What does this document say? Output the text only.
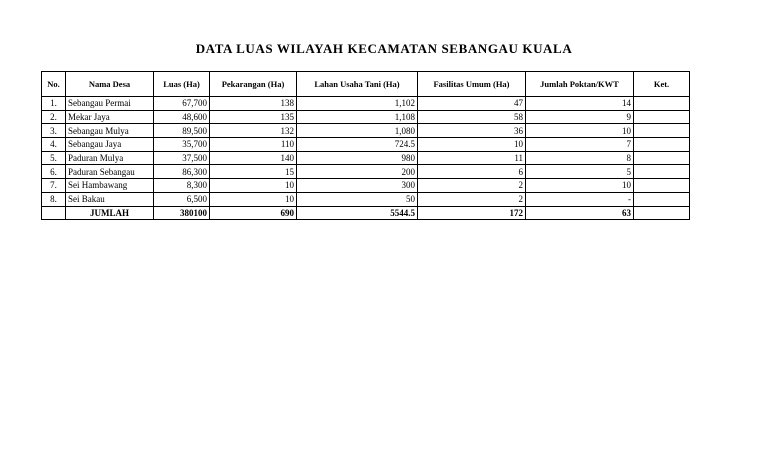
DATA LUAS WILAYAH KECAMATAN SEBANGAU KUALA
No.	Nama Desa	Luas (Ha)	Pekarangan (Ha)	Lahan Usaha Tani (Ha)	Fasilitas Umum (Ha)	Jumlah Poktan/KWT	Ket.
1.	Sebangau Permai	67,700	138	1,102	47	14	
2.	Mekar Jaya	48,600	135	1,108	58	9	
3.	Sebangau Mulya	89,500	132	1,080	36	10	
4.	Sebangau Jaya	35,700	110	724.5	10	7	
5.	Paduran Mulya	37,500	140	980	11	8	
6.	Paduran Sebangau	86,300	15	200	6	5	
7.	Sei Hambawang	8,300	10	300	2	10	
8.	Sei Bakau	6,500	10	50	2	-	
	JUMLAH	380100	690	5544.5	172	63	
